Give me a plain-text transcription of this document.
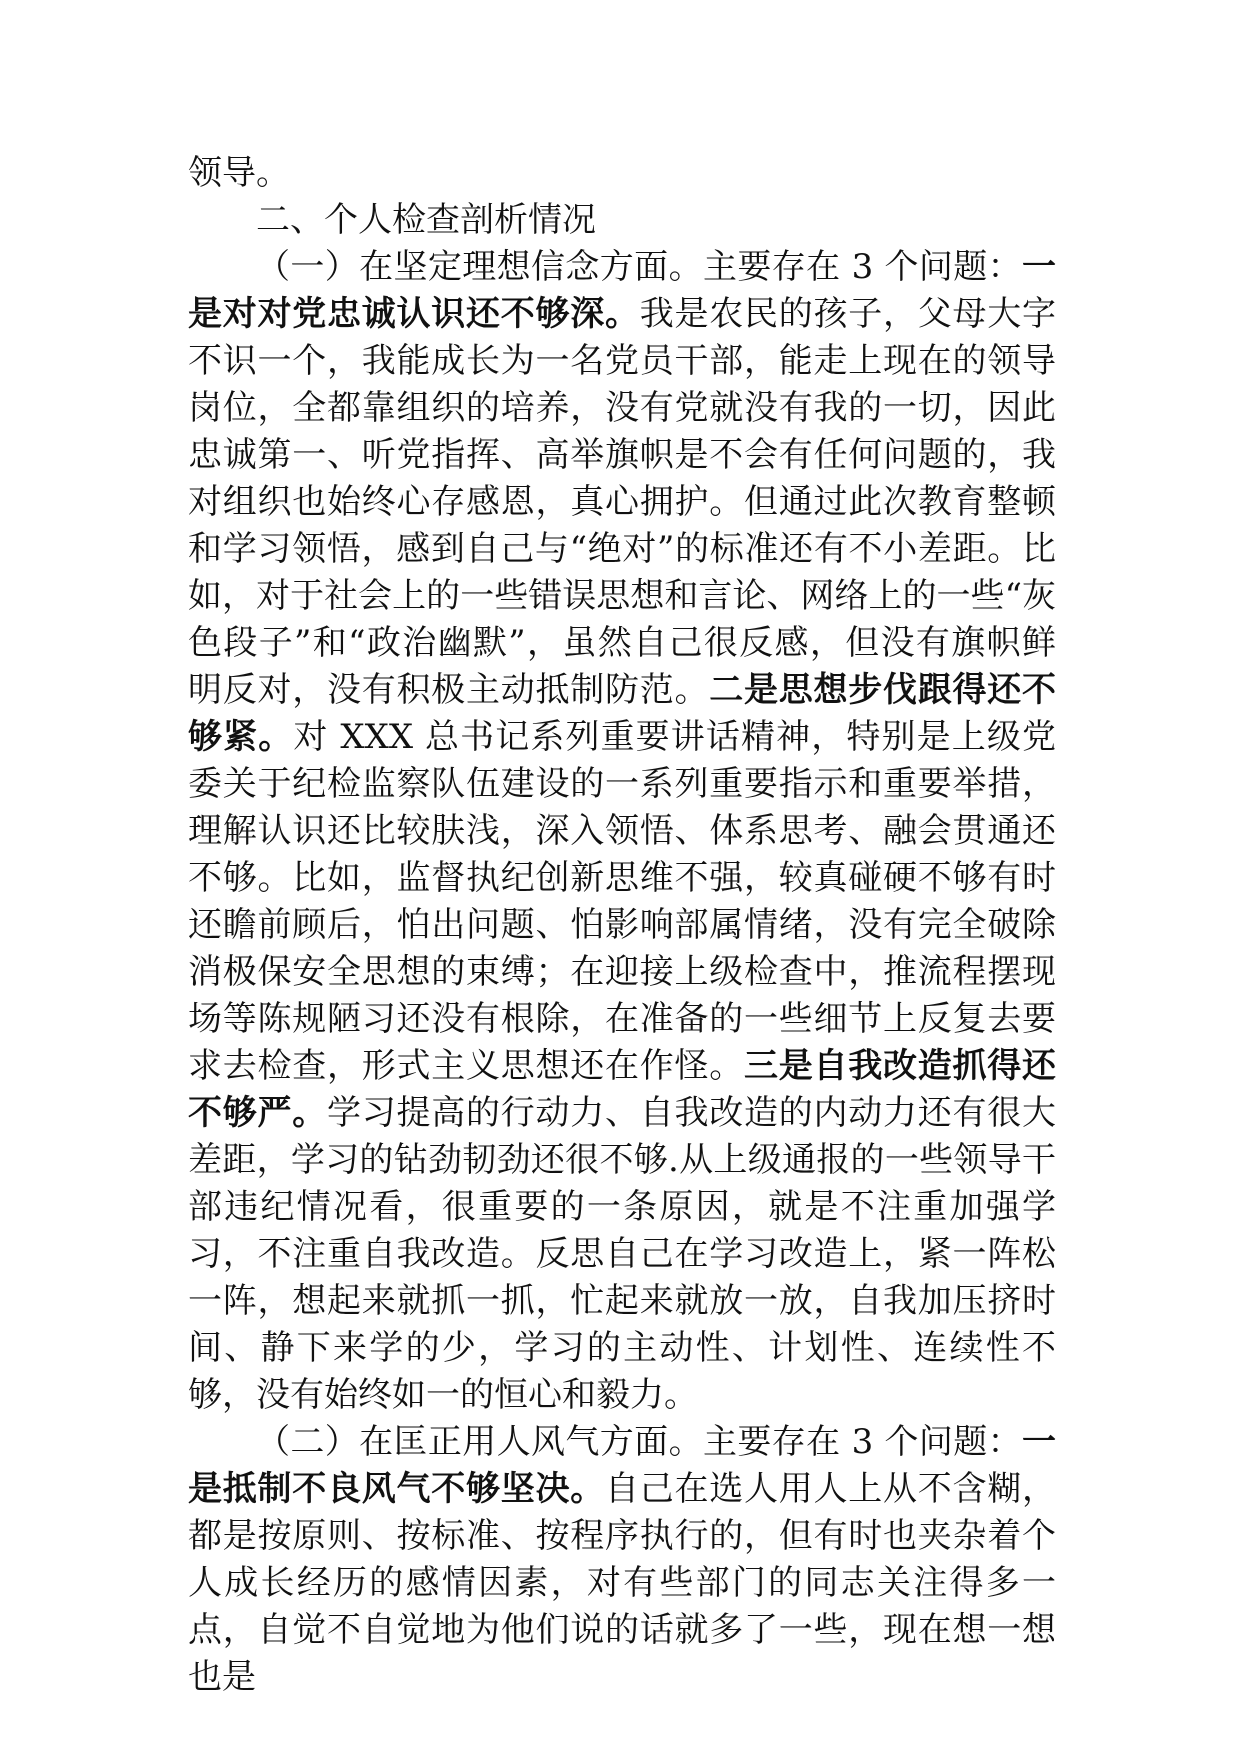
领导。

二、个人检查剖析情况

（一）在坚定理想信念方面。主要存在 3 个问题：一是对对党忠诚认识还不够深。我是农民的孩子，父母大字不识一个，我能成长为一名党员干部，能走上现在的领导岗位，全都靠组织的培养，没有党就没有我的一切，因此忠诚第一、听党指挥、高举旗帜是不会有任何问题的，我对组织也始终心存感恩，真心拥护。但通过此次教育整顿和学习领悟，感到自己与“绝对”的标准还有不小差距。比如，对于社会上的一些错误思想和言论、网络上的一些“灰色段子”和“政治幽默”，虽然自己很反感，但没有旗帜鲜明反对，没有积极主动抵制防范。二是思想步伐跟得还不够紧。对 XXX 总书记系列重要讲话精神，特别是上级党委关于纪检监察队伍建设的一系列重要指示和重要举措，理解认识还比较肤浅，深入领悟、体系思考、融会贯通还不够。比如，监督执纪创新思维不强，较真碰硬不够有时还瞻前顾后，怕出问题、怕影响部属情绪，没有完全破除消极保安全思想的束缚；在迎接上级检查中，推流程摆现场等陈规陋习还没有根除，在准备的一些细节上反复去要求去检查，形式主义思想还在作怪。三是自我改造抓得还不够严。学习提高的行动力、自我改造的内动力还有很大差距，学习的钻劲韧劲还很不够.从上级通报的一些领导干部违纪情况看，很重要的一条原因，就是不注重加强学习，不注重自我改造。反思自己在学习改造上，紧一阵松一阵，想起来就抓一抓，忙起来就放一放，自我加压挤时间、静下来学的少，学习的主动性、计划性、连续性不够，没有始终如一的恒心和毅力。

（二）在匡正用人风气方面。主要存在 3 个问题：一是抵制不良风气不够坚决。自己在选人用人上从不含糊，都是按原则、按标准、按程序执行的，但有时也夹杂着个人成长经历的感情因素，对有些部门的同志关注得多一点，自觉不自觉地为他们说的话就多了一些，现在想一想也是
